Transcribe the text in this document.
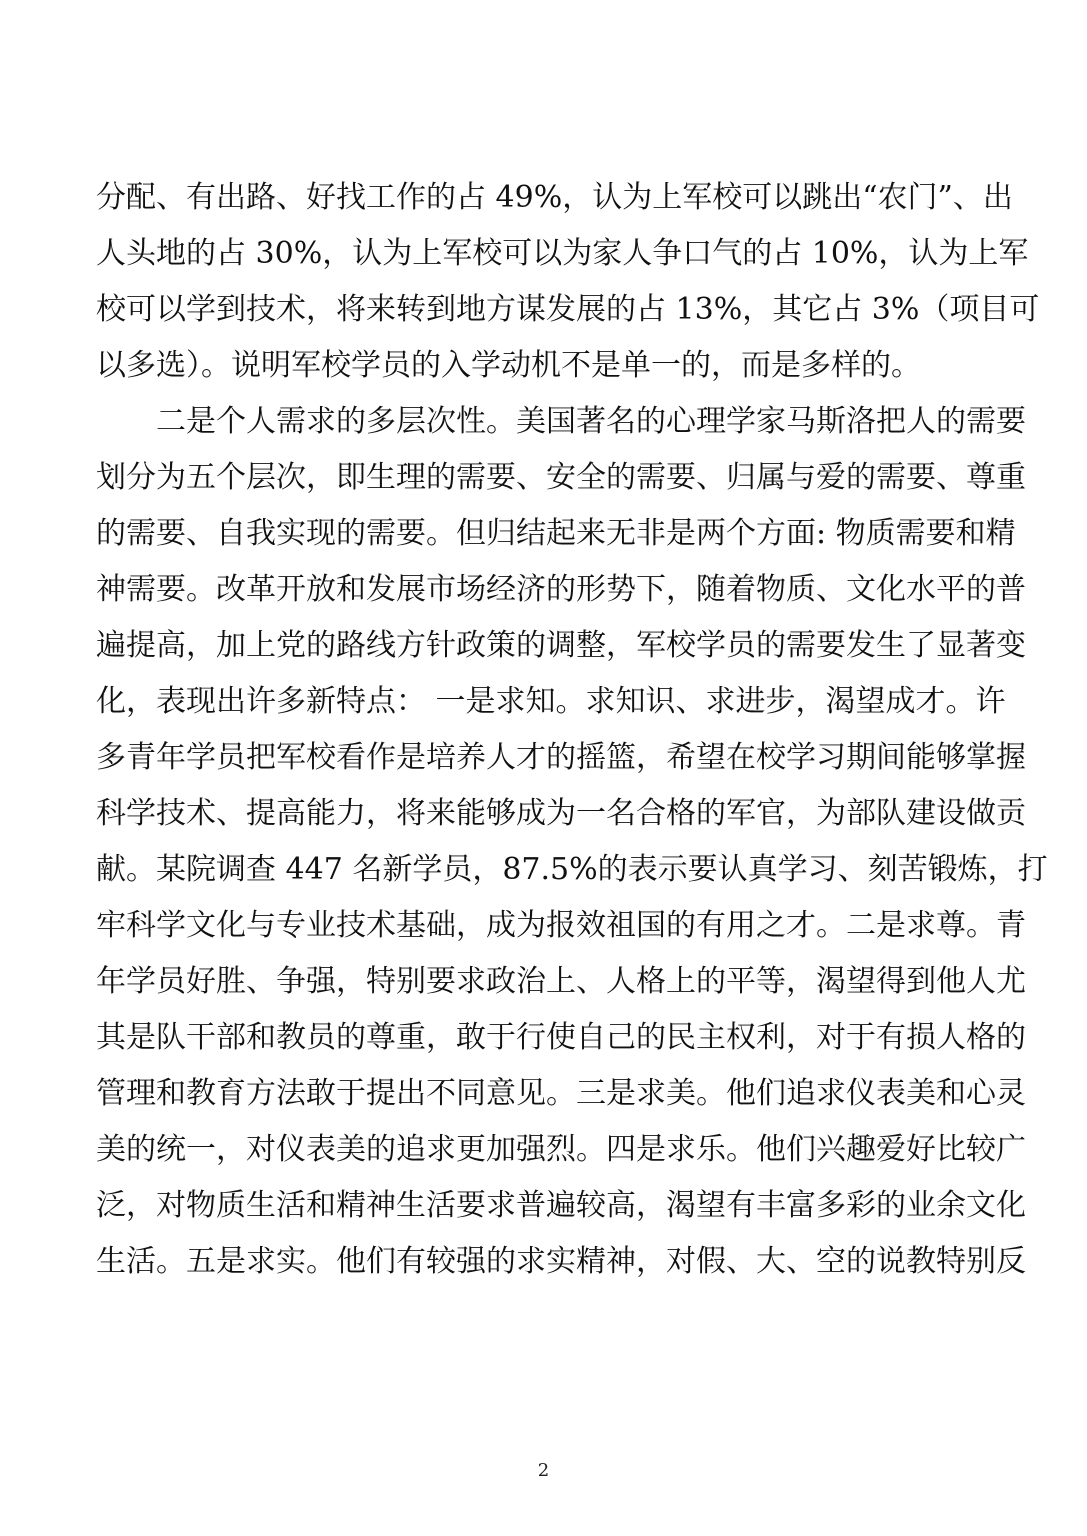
分配、有出路、好找工作的占 49%，认为上军校可以跳出“农门”、出
人头地的占 30%，认为上军校可以为家人争口气的占 10%，认为上军
校可以学到技术，将来转到地方谋发展的占 13%，其它占 3%（项目可
以多选）。说明军校学员的入学动机不是单一的，而是多样的。
二是个人需求的多层次性。美国著名的心理学家马斯洛把人的需要
划分为五个层次，即生理的需要、安全的需要、归属与爱的需要、尊重
的需要、自我实现的需要。但归结起来无非是两个方面: 物质需要和精
神需要。改革开放和发展市场经济的形势下，随着物质、文化水平的普
遍提高，加上党的路线方针政策的调整，军校学员的需要发生了显著变
化，表现出许多新特点： 一是求知。求知识、求进步，渴望成才。许
多青年学员把军校看作是培养人才的摇篮，希望在校学习期间能够掌握
科学技术、提高能力，将来能够成为一名合格的军官，为部队建设做贡
献。某院调查 447 名新学员，87.5%的表示要认真学习、刻苦锻炼，打
牢科学文化与专业技术基础，成为报效祖国的有用之才。二是求尊。青
年学员好胜、争强，特别要求政治上、人格上的平等，渴望得到他人尤
其是队干部和教员的尊重，敢于行使自己的民主权利，对于有损人格的
管理和教育方法敢于提出不同意见。三是求美。他们追求仪表美和心灵
美的统一，对仪表美的追求更加强烈。四是求乐。他们兴趣爱好比较广
泛，对物质生活和精神生活要求普遍较高，渴望有丰富多彩的业余文化
生活。五是求实。他们有较强的求实精神，对假、大、空的说教特别反
2
